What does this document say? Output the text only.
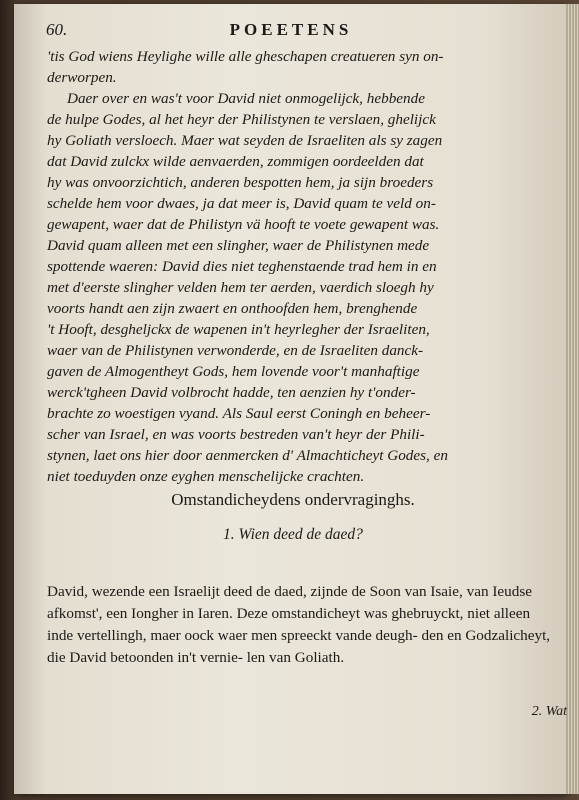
60.	POEETENS

'tis God wiens Heylighe wille alle gheschapen creatueren syn on-
derworpen.

Daer over en was't voor David niet onmogelijck, hebbende
de hulpe Godes, al het heyr der Philistynen te verslaen, ghelijck
hy Goliath versloech. Maer wat seyden de Israeliten als sy zagen
dat David zulckx wilde aenvaerden, zommigen oordeelden dat
hy was onvoorzichtich, anderen bespotten hem, ja sijn broeders
schelde hem voor dwaes, ja dat meer is, David quam te veld on-
gewapent, waer dat de Philistyn vä hooft te voete gewapent was.
David quam alleen met een slingher, waer de Philistynen mede
spottende waeren: David dies niet teghenstaende trad hem in en
met d'eerste slingher velden hem ter aerden, vaerdich sloegh hy
voorts handt aen zijn zwaert en onthoofden hem, brenghende
't Hooft, desgheljckx de wapenen in't heyrlegher der Israeliten,
waer van de Philistynen verwonderde, en de Israeliten danck-
gaven de Almogentheyt Gods, hem lovende voor't manhaftige
werck'tgheen David volbrocht hadde, ten aenzien hy t'onder-
brachte zo woestigen vyand. Als Saul eerst Coningh en beheer-
scher van Israel, en was voorts bestreden van't heyr der Phili-
stynen, laet ons hier door aenmercken d' Almachticheyt Godes, en
niet toeduyden onze eyghen menschelijcke crachten.

Omstandicheydens ondervraginghs.
1. Wien deed de daed?

David, wezende een Israelijt deed de daed, zijnde de Soon van Isaie, van Ieudse afkomst', een Iongher in Iaren. Deze omstandicheyt was ghebruyckt, niet alleen inde vertellingh, maer oock waer men spreeckt vande deugh- den en Godzalicheyt, die David betoonden in't vernie- len van Goliath.

2. Wat
